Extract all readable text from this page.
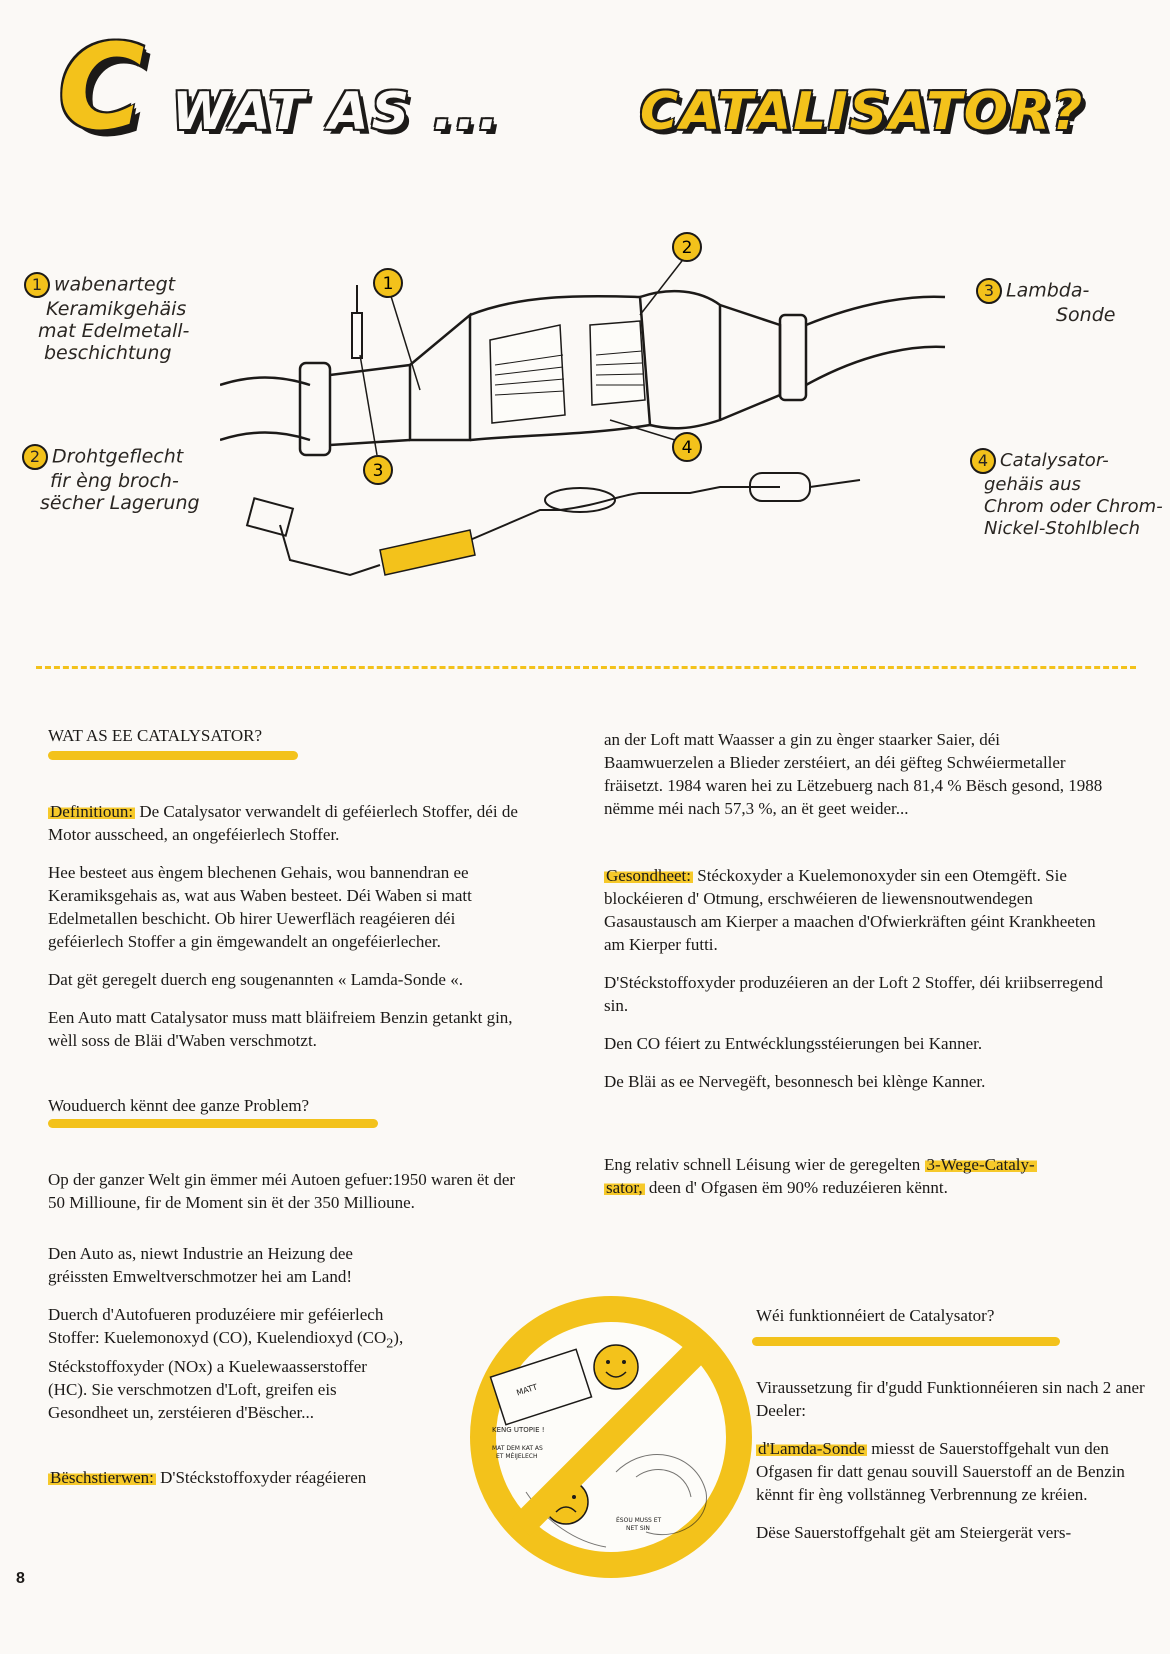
C WAT AS ...	CATALISATOR?
1 wabenartegt
Keramikgehäis
mat Edelmetall-
beschichtung
2 Drohtgeflecht
fir èng broch-
sëcher Lagerung
3 Lambda-
Sonde
4 Catalysator-
gehäis aus
Chrom oder Chrom-
Nickel-Stohlblech
1
2
3
4
WAT AS EE CATALYSATOR?

Definitioun: De Catalysator verwandelt di geféierlech Stoffer, déi de Motor ausscheed, an ongeféierlech Stoffer.

Hee besteet aus èngem blechenen Gehais, wou bannendran ee Keramiksgehais as, wat aus Waben besteet. Déi Waben si matt Edelmetallen beschicht. Ob hirer Uewerfläch reagéieren déi geféierlech Stoffer a gin ëmgewandelt an ongeféierlecher.

Dat gët geregelt duerch eng sougenannten « Lamda-Sonde «.

Een Auto matt Catalysator muss matt bläifreiem Benzin getankt gin, wèll soss de Bläi d'Waben verschmotzt.

Wouduerch kënnt dee ganze Problem?

Op der ganzer Welt gin ëmmer méi Autoen gefuer:1950 waren ët der 50 Millioune, fir de Moment sin ët der 350 Millioune.

Den Auto as, niewt Industrie an Heizung dee gréissten Emweltverschmotzer hei am Land!

Duerch d'Autofueren produzéiere mir geféierlech Stoffer: Kuelemonoxyd (CO), Kuelendioxyd $(CO_2)$, Stéckstoffoxyder (NOx) a Kuelewaasserstoffer (HC). Sie verschmotzen d'Loft, greifen eis Gesondheet un, zerstéieren d'Bëscher...

Bëschstierwen: D'Stéckstoffoxyder réagéieren

an der Loft matt Waasser a gin zu ènger staarker Saier, déi Baamwuerzelen a Blieder zerstéiert, an déi gëfteg Schwéiermetaller fräisetzt. 1984 waren hei zu Lëtzebuerg nach 81,4 % Bësch gesond, 1988 nëmme méi nach 57,3 %, an ët geet weider...

Gesondheet: Stéckoxyder a Kuelemonoxyder sin een Otemgëft. Sie blockéieren d' Otmung, erschwéieren de liewensnoutwendegen Gasaustausch am Kierper a maachen d'Ofwierkräften géint Krankheeten am Kierper futti.

D'Stéckstoffoxyder produzéieren an der Loft 2 Stoffer, déi kriibserregend sin.

Den CO féiert zu Entwécklungsstéierungen bei Kanner.

De Bläi as ee Nervegëft, besonnesch bei klènge Kanner.

Eng relativ schnell Léisung wier de geregelten 3-Wege-Cataly-
sator, deen d' Ofgasen ëm 90% reduzéieren kënnt.

Wéi funktionnéiert de Catalysator?

Viraussetzung fir d'gudd Funktionnéieren sin nach 2 aner Deeler:

d'Lamda-Sonde miesst de Sauerstoffgehalt vun den Ofgasen fir datt genau souvill Sauerstoff an de Benzin kënnt fir èng vollstänneg Verbrennung ze kréien.

Dëse Sauerstoffgehalt gët am Steiergerät vers-

MATT
KENG UTOPIE !
MAT DEM KAT AS
ET MÉIJELECH
ÉSOU MUSS ET
NET SIN
8
